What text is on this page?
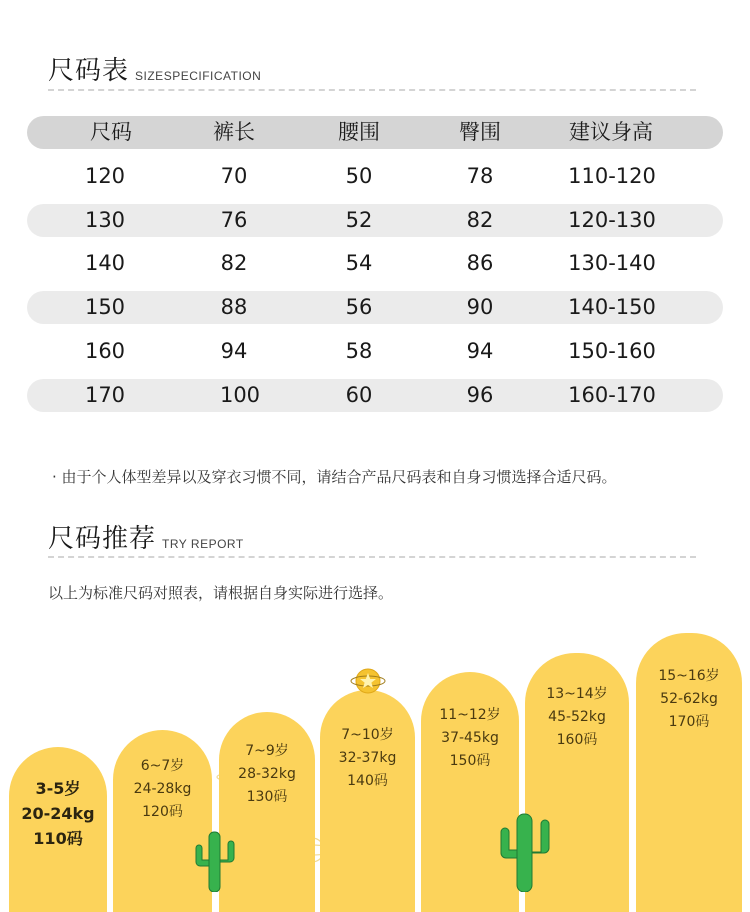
尺码表 SIZESPECIFICATION
尺码	裤长	腰围	臀围	建议身高
120	70	50	78	110-120
130	76	52	82	120-130
140	82	54	86	130-140
150	88	56	90	140-150
160	94	58	94	150-160
170	100	60	96	160-170
· 由于个人体型差异以及穿衣习惯不同，请结合产品尺码表和自身习惯选择合适尺码。
尺码推荐 TRY REPORT
以上为标准尺码对照表，请根据自身实际进行选择。
3-5岁
20-24kg
110码
6~7岁
24-28kg
120码
7~9岁
28-32kg
130码
7~10岁
32-37kg
140码
11~12岁
37-45kg
150码
13~14岁
45-52kg
160码
15~16岁
52-62kg
170码
